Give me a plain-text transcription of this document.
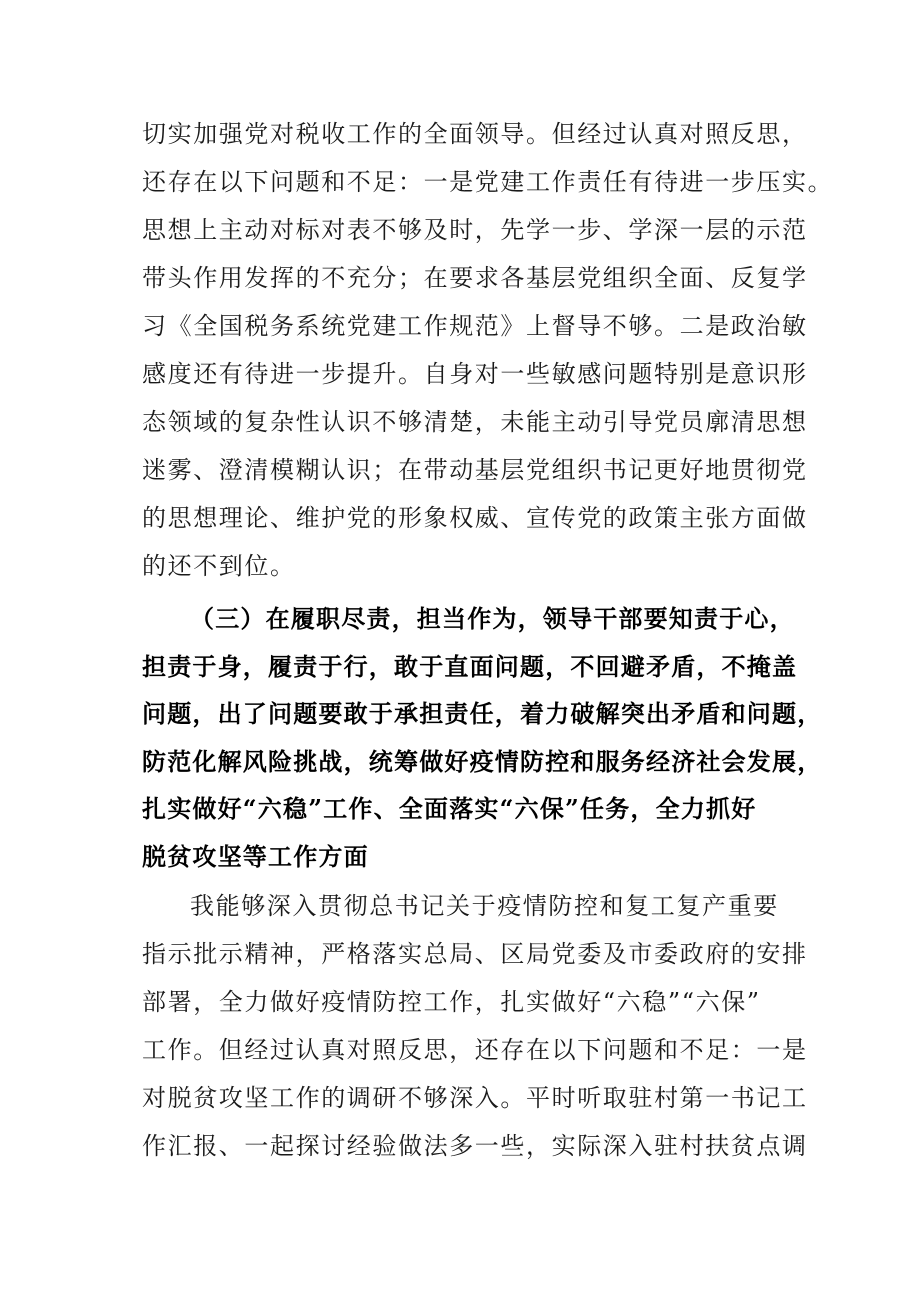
切实加强党对税收工作的全面领导。但经过认真对照反思，
还存在以下问题和不足：一是党建工作责任有待进一步压实。
思想上主动对标对表不够及时，先学一步、学深一层的示范
带头作用发挥的不充分；在要求各基层党组织全面、反复学
习《全国税务系统党建工作规范》上督导不够。二是政治敏
感度还有待进一步提升。自身对一些敏感问题特别是意识形
态领域的复杂性认识不够清楚，未能主动引导党员廓清思想
迷雾、澄清模糊认识；在带动基层党组织书记更好地贯彻党
的思想理论、维护党的形象权威、宣传党的政策主张方面做
的还不到位。
（三）在履职尽责，担当作为，领导干部要知责于心，
担责于身，履责于行，敢于直面问题，不回避矛盾，不掩盖
问题，出了问题要敢于承担责任，着力破解突出矛盾和问题，
防范化解风险挑战，统筹做好疫情防控和服务经济社会发展，
扎实做好“六稳”工作、全面落实“六保”任务，全力抓好
脱贫攻坚等工作方面
我能够深入贯彻总书记关于疫情防控和复工复产重要
指示批示精神，严格落实总局、区局党委及市委政府的安排
部署，全力做好疫情防控工作，扎实做好“六稳”“六保”
工作。但经过认真对照反思，还存在以下问题和不足：一是
对脱贫攻坚工作的调研不够深入。平时听取驻村第一书记工
作汇报、一起探讨经验做法多一些，实际深入驻村扶贫点调
